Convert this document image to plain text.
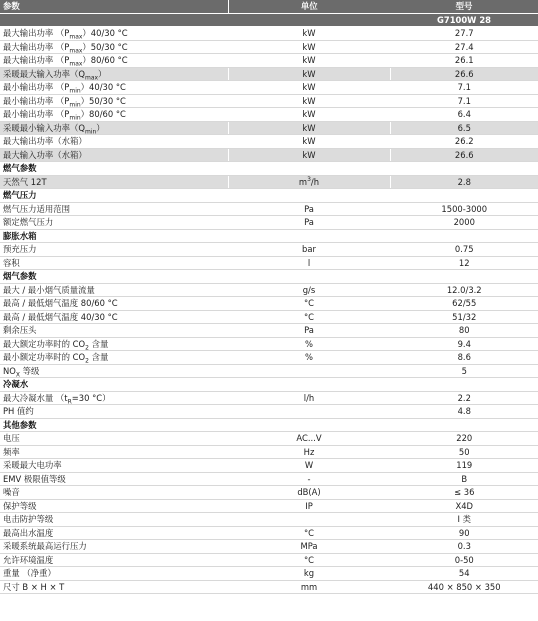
参数	单位	型号
		G7100W 28
最大输出功率 $(P_{max})40/30$ °C	kW	27.7
最大输出功率 $(P_{max})50/30$ °C	kW	27.4
最大输出功率 $(P_{max})80/60$ °C	kW	26.1
采暖最大输入功率$(Q_{max})$	kW	26.6
最小输出功率 $(P_{min})40/30$ °C	kW	7.1
最小输出功率 $(P_{min})50/30$ °C	kW	7.1
最小输出功率 $(P_{min})80/60$ °C	kW	6.4
采暖最小输入功率$(Q_{min})$	kW	6.5
最大输出功率（水箱）	kW	26.2
最大输入功率（水箱）	kW	26.6
燃气参数		
天然气 12T	$m^3/h$	2.8
燃气压力		
燃气压力适用范围	Pa	1500-3000
额定燃气压力	Pa	2000
膨胀水箱		
预充压力	bar	0.75
容积	l	12
烟气参数		
最大 / 最小烟气质量流量	g/s	12.0/3.2
最高 / 最低烟气温度 80/60 °C	°C	62/55
最高 / 最低烟气温度 40/30 °C	°C	51/32
剩余压头	Pa	80
最大额定功率时的 $CO_2$ 含量	%	9.4
最小额定功率时的 $CO_2$ 含量	%	8.6
$NO_X$ 等级		5
冷凝水		
最大冷凝水量 （$t_R=30$ °C）	l/h	2.2
PH 值约		4.8
其他参数		
电压	AC...V	220
频率	Hz	50
采暖最大电功率	W	119
EMV 极限值等级	-	B
噪音	dB(A)	≤ 36
保护等级	IP	X4D
电击防护等级		I 类
最高出水温度	°C	90
采暖系统最高运行压力	MPa	0.3
允许环境温度	°C	0-50
重量 （净重）	kg	54
尺寸 B × H × T	mm	440 × 850 × 350
